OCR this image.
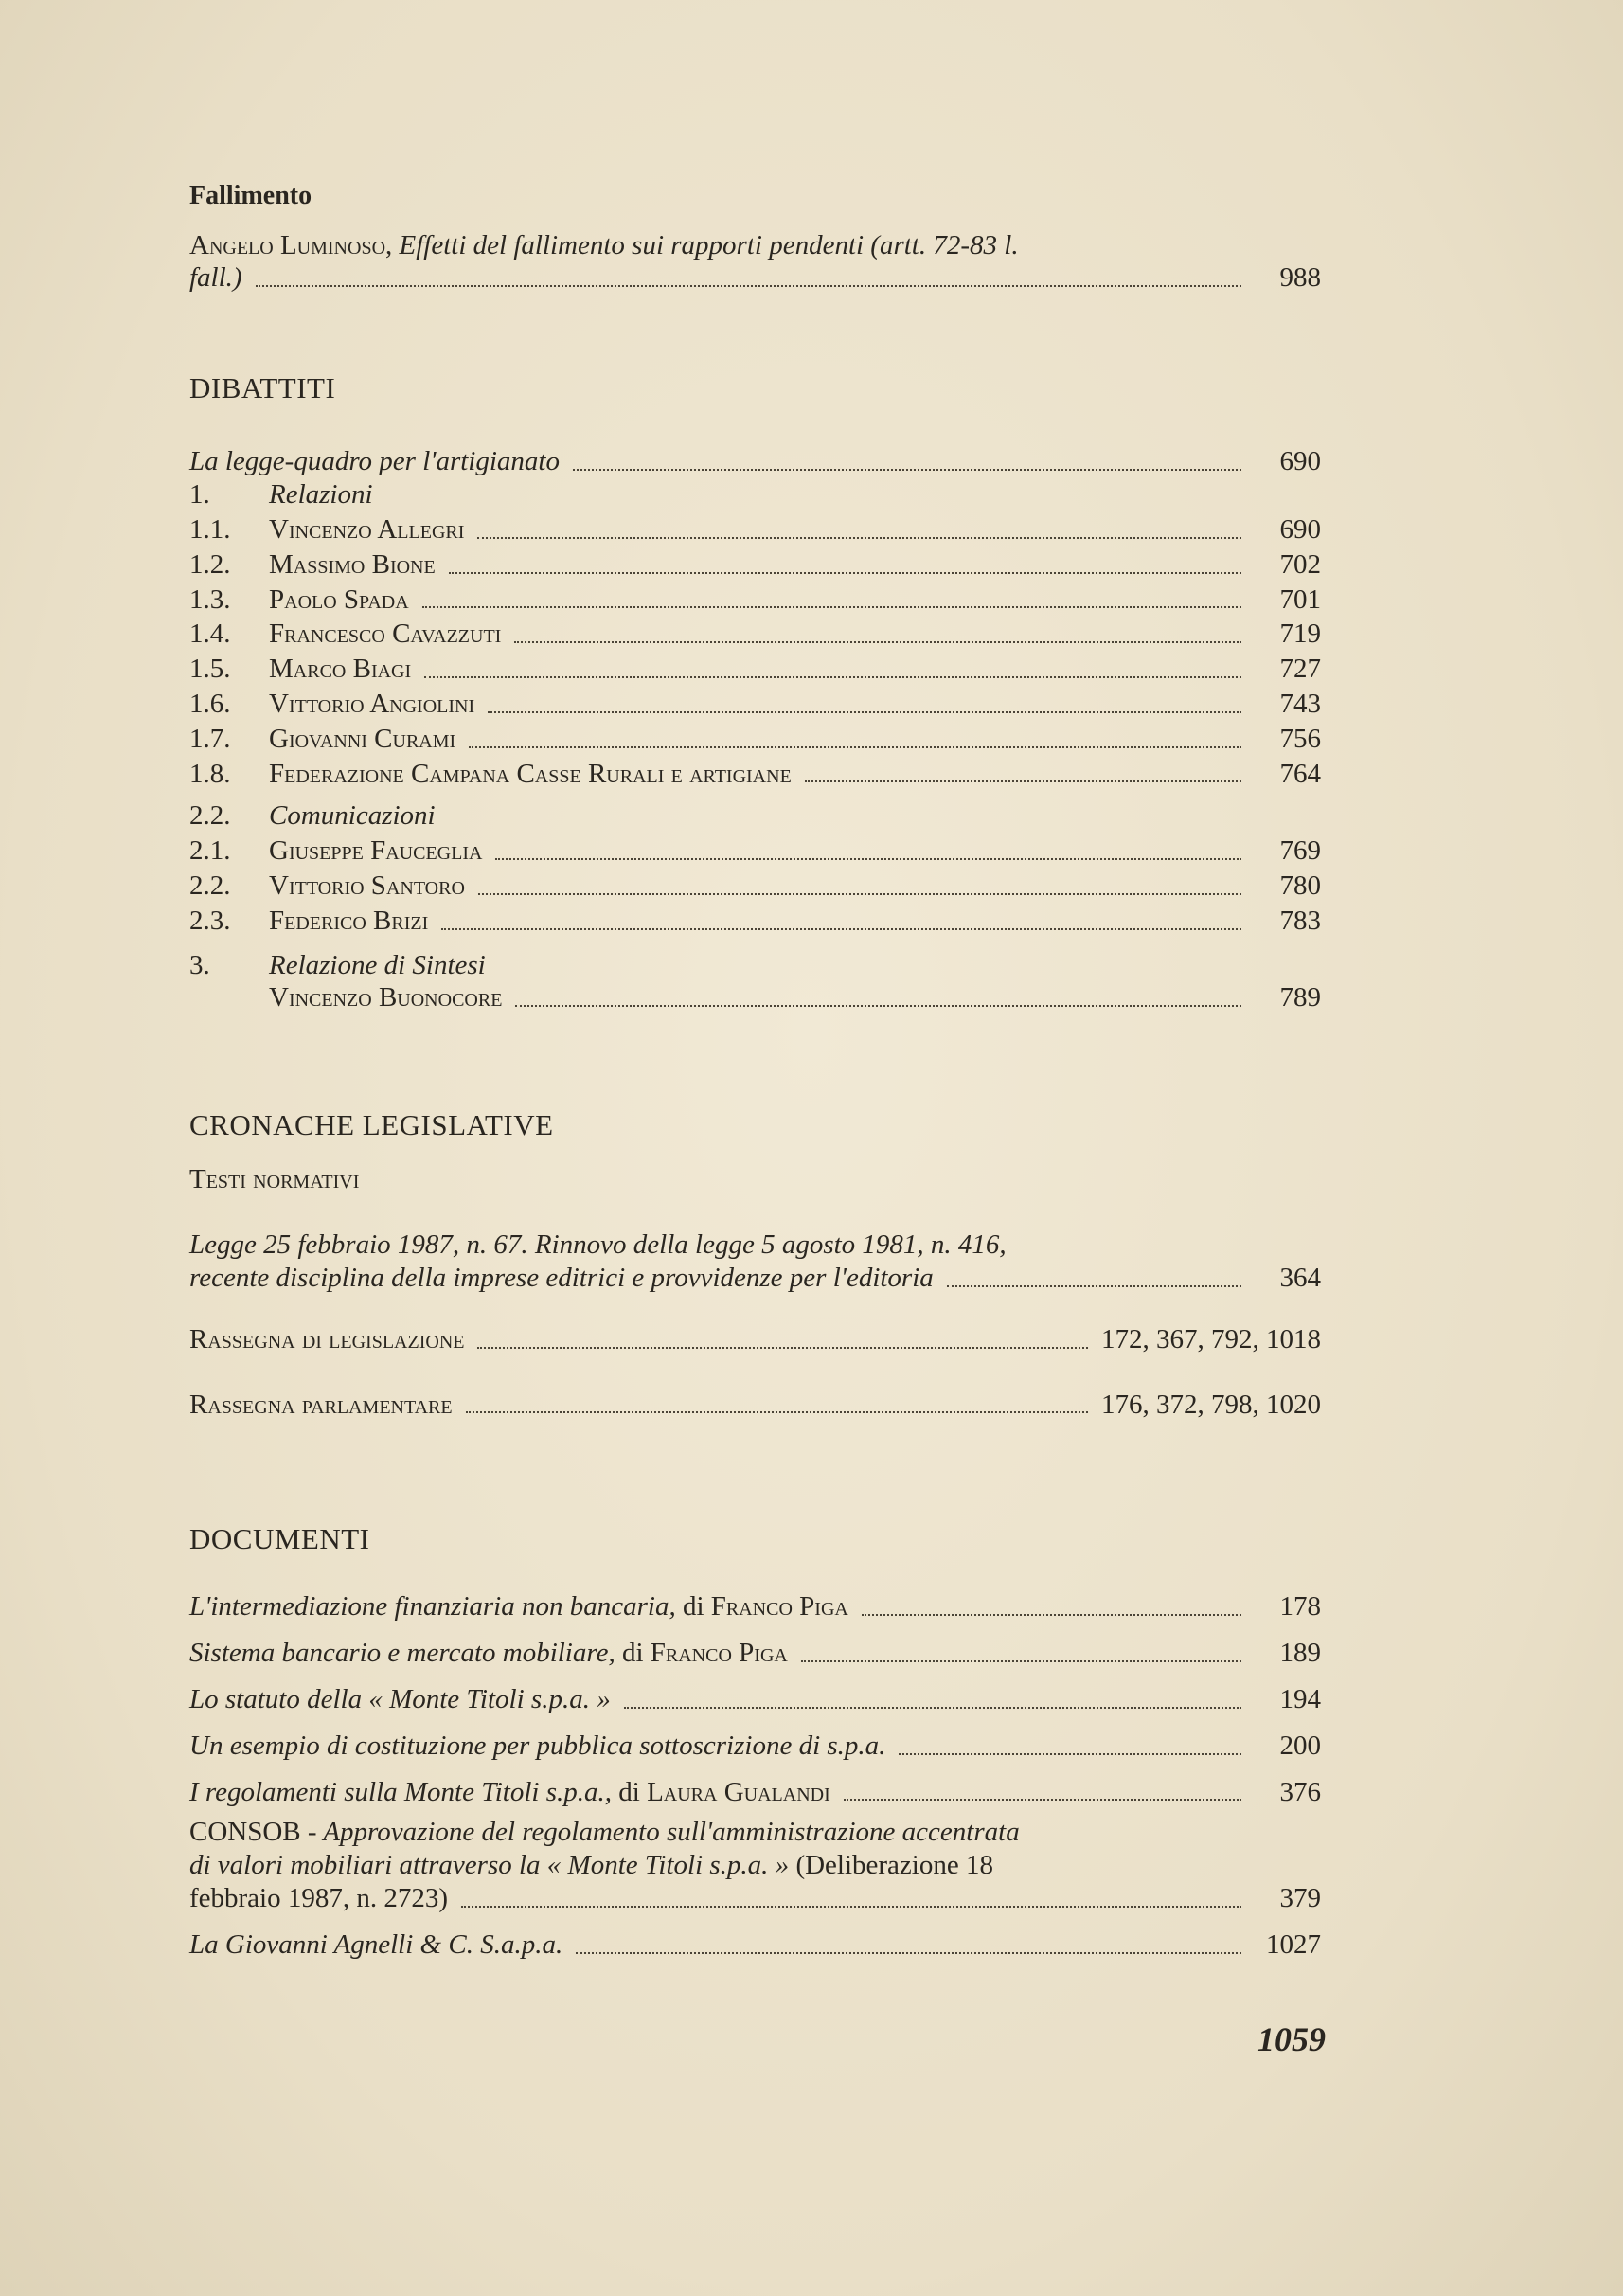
Fallimento
Angelo Luminoso, Effetti del fallimento sui rapporti pendenti (artt. 72-83 l.
fall.)	988
DIBATTITI
La legge-quadro per l'artigianato	690
1.	Relazioni
1.1.	Vincenzo Allegri	690
1.2.	Massimo Bione	702
1.3.	Paolo Spada	701
1.4.	Francesco Cavazzuti	719
1.5.	Marco Biagi	727
1.6.	Vittorio Angiolini	743
1.7.	Giovanni Curami	756
1.8.	Federazione Campana Casse Rurali e artigiane	764
2.2.	Comunicazioni
2.1.	Giuseppe Fauceglia	769
2.2.	Vittorio Santoro	780
2.3.	Federico Brizi	783
3.	Relazione di Sintesi
Vincenzo Buonocore	789
CRONACHE LEGISLATIVE
Testi normativi
Legge 25 febbraio 1987, n. 67. Rinnovo della legge 5 agosto 1981, n. 416,
recente disciplina della imprese editrici e provvidenze per l'editoria	364
Rassegna di legislazione	172, 367, 792, 1018
Rassegna parlamentare	176, 372, 798, 1020
DOCUMENTI
L'intermediazione finanziaria non bancaria, di Franco Piga	178
Sistema bancario e mercato mobiliare, di Franco Piga	189
Lo statuto della « Monte Titoli s.p.a. »	194
Un esempio di costituzione per pubblica sottoscrizione di s.p.a.	200
I regolamenti sulla Monte Titoli s.p.a., di Laura Gualandi	376
CONSOB - Approvazione del regolamento sull'amministrazione accentrata
di valori mobiliari attraverso la « Monte Titoli s.p.a. » (Deliberazione 18
febbraio 1987, n. 2723)	379
La Giovanni Agnelli & C. S.a.p.a.	1027
1059
